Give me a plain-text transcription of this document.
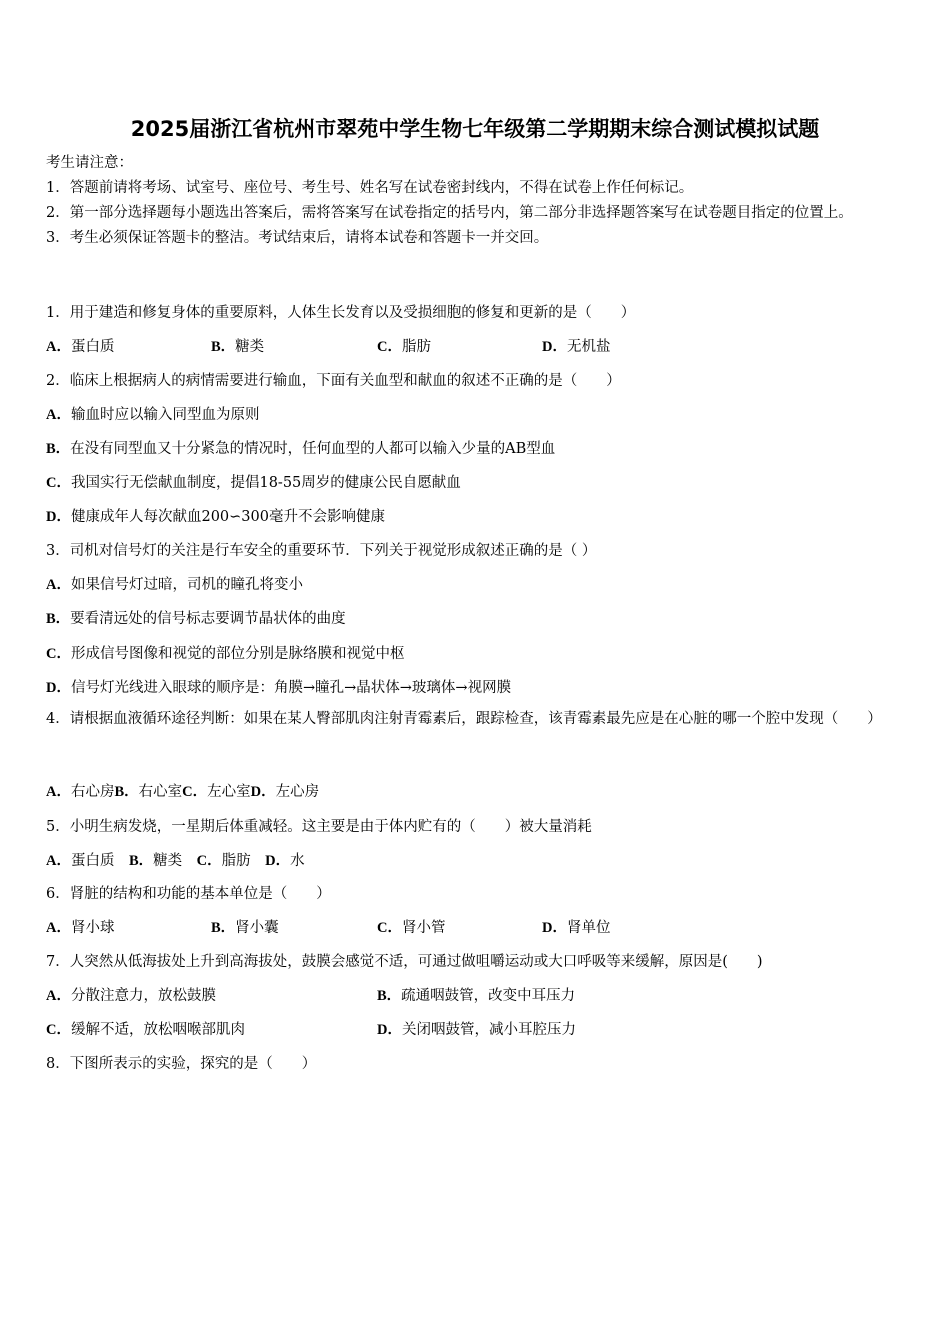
2025届浙江省杭州市翠苑中学生物七年级第二学期期末综合测试模拟试题

考生请注意：

1．答题前请将考场、试室号、座位号、考生号、姓名写在试卷密封线内，不得在试卷上作任何标记。

2．第一部分选择题每小题选出答案后，需将答案写在试卷指定的括号内，第二部分非选择题答案写在试卷题目指定的位置上。

3．考生必须保证答题卡的整洁。考试结束后，请将本试卷和答题卡一并交回。

1．用于建造和修复身体的重要原料，人体生长发育以及受损细胞的修复和更新的是（　　）
A．蛋白质	B．糖类	C．脂肪	D．无机盐
2．临床上根据病人的病情需要进行输血，下面有关血型和献血的叙述不正确的是（　　）
A．输血时应以输入同型血为原则
B．在没有同型血又十分紧急的情况时，任何血型的人都可以输入少量的AB型血
C．我国实行无偿献血制度，提倡18-55周岁的健康公民自愿献血
D．健康成年人每次献血200∽300毫升不会影响健康
3．司机对信号灯的关注是行车安全的重要环节．下列关于视觉形成叙述正确的是（ ）
A．如果信号灯过暗，司机的瞳孔将变小
B．要看清远处的信号标志要调节晶状体的曲度
C．形成信号图像和视觉的部位分别是脉络膜和视觉中枢
D．信号灯光线进入眼球的顺序是：角膜→瞳孔→晶状体→玻璃体→视网膜
4．请根据血液循环途径判断：如果在某人臀部肌肉注射青霉素后，跟踪检查，该青霉素最先应是在心脏的哪一个腔中发现（　　）
A．右心房B．右心室C．左心室D．左心房
5．小明生病发烧，一星期后体重减轻。这主要是由于体内贮有的（　　）被大量消耗
A．蛋白质  B．糖类  C．脂肪  D．水
6．肾脏的结构和功能的基本单位是（　　）
A．肾小球	B．肾小囊	C．肾小管	D．肾单位
7．人突然从低海拔处上升到高海拔处，鼓膜会感觉不适，可通过做咀嚼运动或大口呼吸等来缓解，原因是(　　)
A．分散注意力，放松鼓膜	B．疏通咽鼓管，改变中耳压力
C．缓解不适，放松咽喉部肌肉	D．关闭咽鼓管，减小耳腔压力
8．下图所表示的实验，探究的是（　　）
